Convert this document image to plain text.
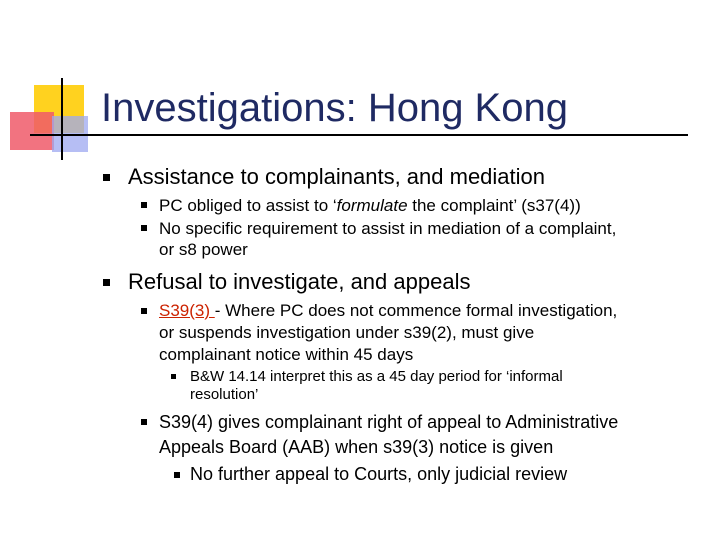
Investigations: Hong Kong
Assistance to complainants, and mediation
PC obliged to assist to ‘formulate the complaint’ (s37(4))
No specific requirement to assist in mediation of a complaint,
or s8 power
Refusal to investigate, and appeals
S39(3) - Where PC does not commence formal investigation,
or suspends investigation under s39(2), must give
complainant notice within 45 days
B&W 14.14 interpret this as a 45 day period for ‘informal
resolution’
S39(4) gives complainant right of appeal to Administrative
Appeals Board (AAB) when s39(3) notice is given
No further appeal to Courts, only judicial review
